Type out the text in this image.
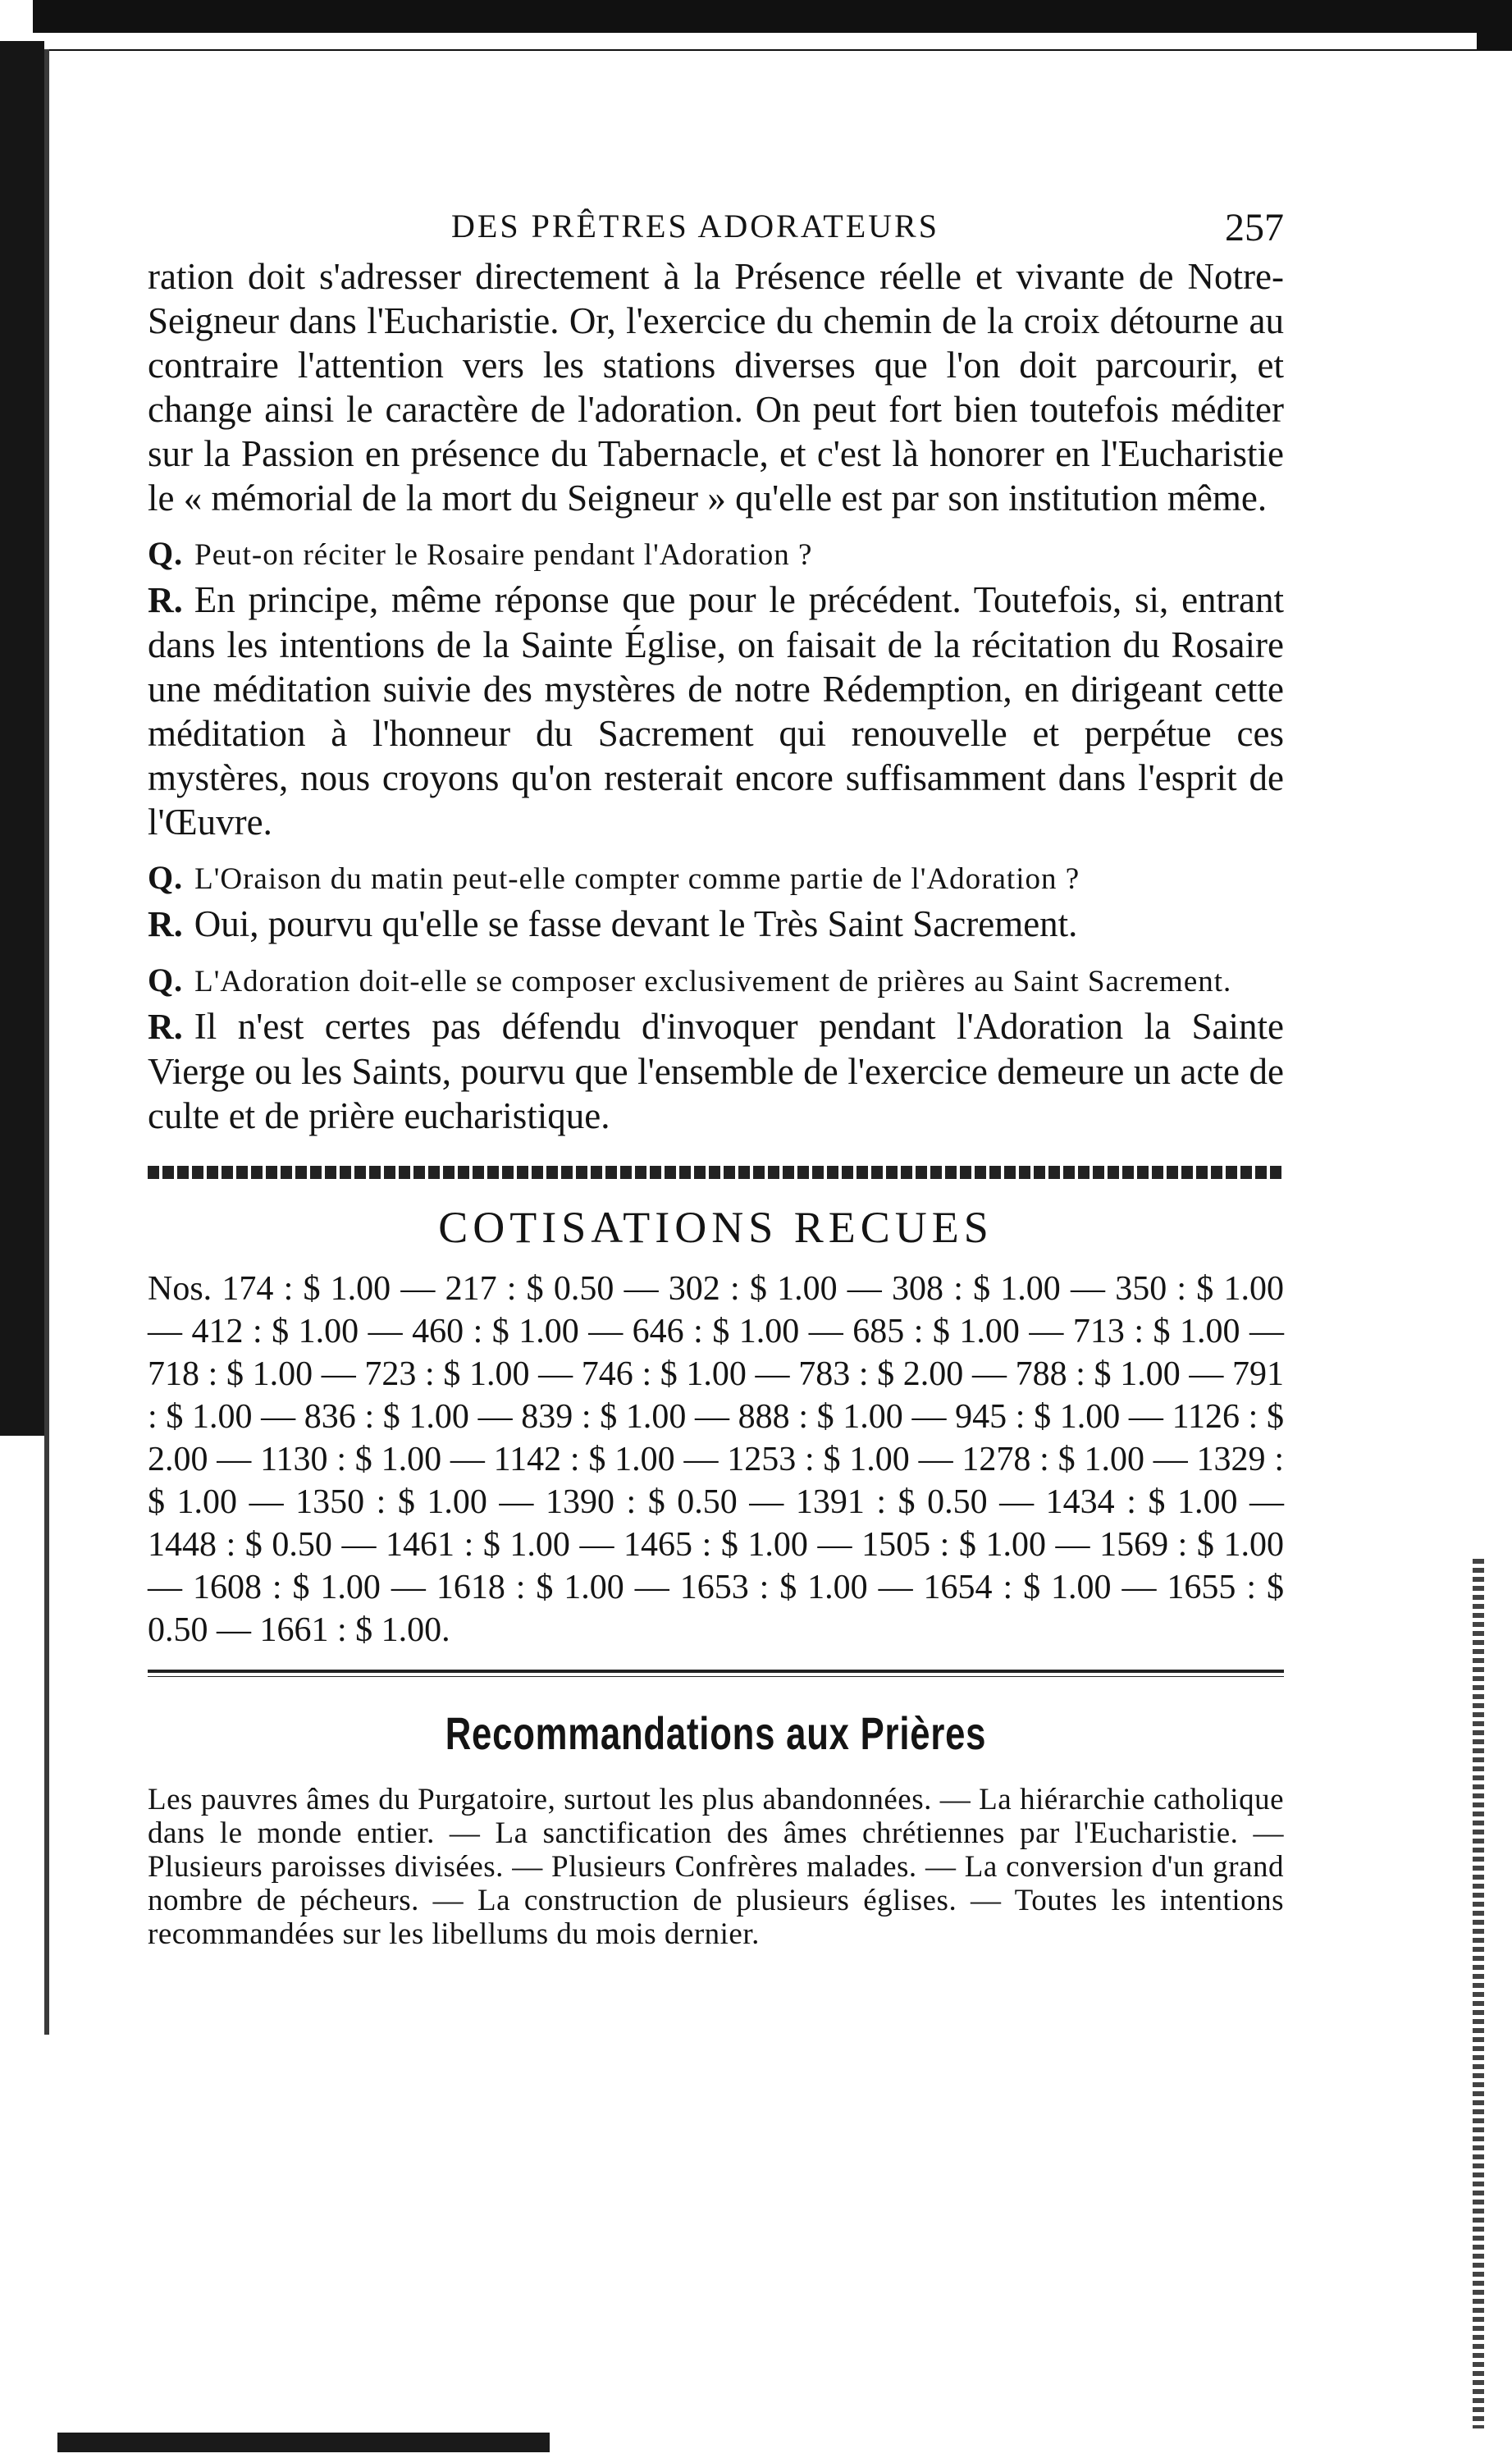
DES PRÊTRES ADORATEURS	257

ration doit s'adresser directement à la Présence réelle et vivante de Notre-Seigneur dans l'Eucharistie. Or, l'exercice du chemin de la croix détourne au contraire l'attention vers les stations diverses que l'on doit parcourir, et change ainsi le caractère de l'adoration. On peut fort bien toutefois méditer sur la Passion en présence du Tabernacle, et c'est là honorer en l'Eucharistie le « mémorial de la mort du Seigneur » qu'elle est par son institution même.

Q. Peut-on réciter le Rosaire pendant l'Adoration ?

R. En principe, même réponse que pour le précédent. Toutefois, si, entrant dans les intentions de la Sainte Église, on faisait de la récitation du Rosaire une méditation suivie des mystères de notre Rédemption, en dirigeant cette méditation à l'honneur du Sacrement qui renouvelle et perpétue ces mystères, nous croyons qu'on resterait encore suffisamment dans l'esprit de l'Œuvre.

Q. L'Oraison du matin peut-elle compter comme partie de l'Adoration ?

R. Oui, pourvu qu'elle se fasse devant le Très Saint Sacrement.

Q. L'Adoration doit-elle se composer exclusivement de prières au Saint Sacrement.

R. Il n'est certes pas défendu d'invoquer pendant l'Adoration la Sainte Vierge ou les Saints, pourvu que l'ensemble de l'exercice demeure un acte de culte et de prière eucharistique.

COTISATIONS RECUES

Nos. 174 : $ 1.00 — 217 : $ 0.50 — 302 : $ 1.00 — 308 : $ 1.00 — 350 : $ 1.00 — 412 : $ 1.00 — 460 : $ 1.00 — 646 : $ 1.00 — 685 : $ 1.00 — 713 : $ 1.00 — 718 : $ 1.00 — 723 : $ 1.00 — 746 : $ 1.00 — 783 : $ 2.00 — 788 : $ 1.00 — 791 : $ 1.00 — 836 : $ 1.00 — 839 : $ 1.00 — 888 : $ 1.00 — 945 : $ 1.00 — 1126 : $ 2.00 — 1130 : $ 1.00 — 1142 : $ 1.00 — 1253 : $ 1.00 — 1278 : $ 1.00 — 1329 : $ 1.00 — 1350 : $ 1.00 — 1390 : $ 0.50 — 1391 : $ 0.50 — 1434 : $ 1.00 — 1448 : $ 0.50 — 1461 : $ 1.00 — 1465 : $ 1.00 — 1505 : $ 1.00 — 1569 : $ 1.00 — 1608 : $ 1.00 — 1618 : $ 1.00 — 1653 : $ 1.00 — 1654 : $ 1.00 — 1655 : $ 0.50 — 1661 : $ 1.00.

Recommandations aux Prières

Les pauvres âmes du Purgatoire, surtout les plus abandonnées. — La hiérarchie catholique dans le monde entier. — La sanctification des âmes chrétiennes par l'Eucharistie. — Plusieurs paroisses divisées. — Plusieurs Confrères malades. — La conversion d'un grand nombre de pécheurs. — La construction de plusieurs églises. — Toutes les intentions recommandées sur les libellums du mois dernier.
